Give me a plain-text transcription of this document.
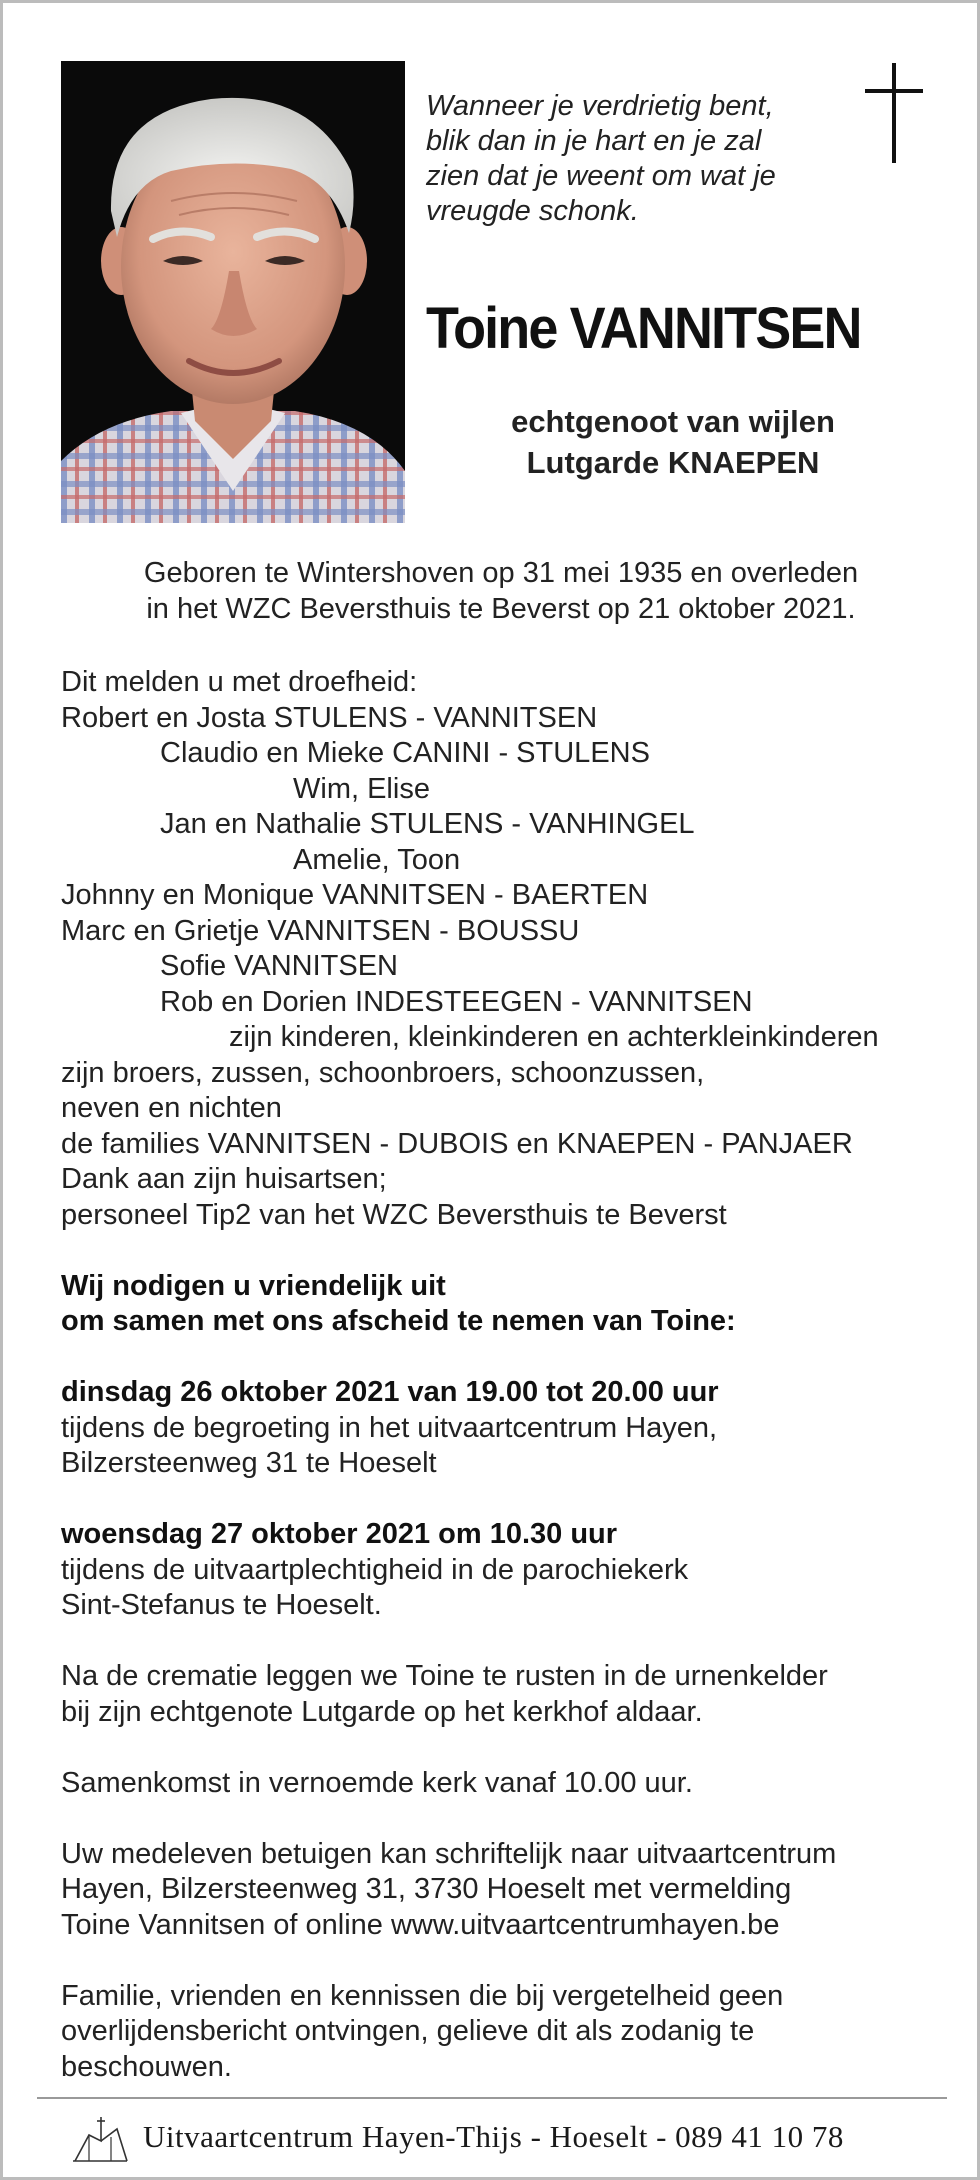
Wanneer je verdrietig bent,
blik dan in je hart en je zal
zien dat je weent om wat je
vreugde schonk.
Toine VANNITSEN
echtgenoot van wijlen
Lutgarde KNAEPEN
Geboren te Wintershoven op 31 mei 1935 en overleden
in het WZC Beversthuis te Beverst op 21 oktober 2021.
Dit melden u met droefheid:
Robert en Josta STULENS - VANNITSEN
Claudio en Mieke CANINI - STULENS
Wim, Elise
Jan en Nathalie STULENS - VANHINGEL
Amelie, Toon
Johnny en Monique VANNITSEN - BAERTEN
Marc en Grietje VANNITSEN - BOUSSU
Sofie VANNITSEN
Rob en Dorien INDESTEEGEN - VANNITSEN
zijn kinderen, kleinkinderen en achterkleinkinderen
zijn broers, zussen, schoonbroers, schoonzussen,
neven en nichten
de families VANNITSEN - DUBOIS en KNAEPEN - PANJAER
Dank aan zijn huisartsen;
personeel Tip2 van het WZC Beversthuis te Beverst
Wij nodigen u vriendelijk uit
om samen met ons afscheid te nemen van Toine:
dinsdag 26 oktober 2021 van 19.00 tot 20.00 uur
tijdens de begroeting in het uitvaartcentrum Hayen,
Bilzersteenweg 31 te Hoeselt
woensdag 27 oktober 2021 om 10.30 uur
tijdens de uitvaartplechtigheid in de parochiekerk
Sint-Stefanus te Hoeselt.
Na de crematie leggen we Toine te rusten in de urnenkelder
bij zijn echtgenote Lutgarde op het kerkhof aldaar.
Samenkomst in vernoemde kerk vanaf 10.00 uur.
Uw medeleven betuigen kan schriftelijk naar uitvaartcentrum
Hayen, Bilzersteenweg 31, 3730 Hoeselt met vermelding
Toine Vannitsen of online www.uitvaartcentrumhayen.be
Familie, vrienden en kennissen die bij vergetelheid geen
overlijdensbericht ontvingen, gelieve dit als zodanig te
beschouwen.
Uitvaartcentrum Hayen-Thijs - Hoeselt - 089 41 10 78
